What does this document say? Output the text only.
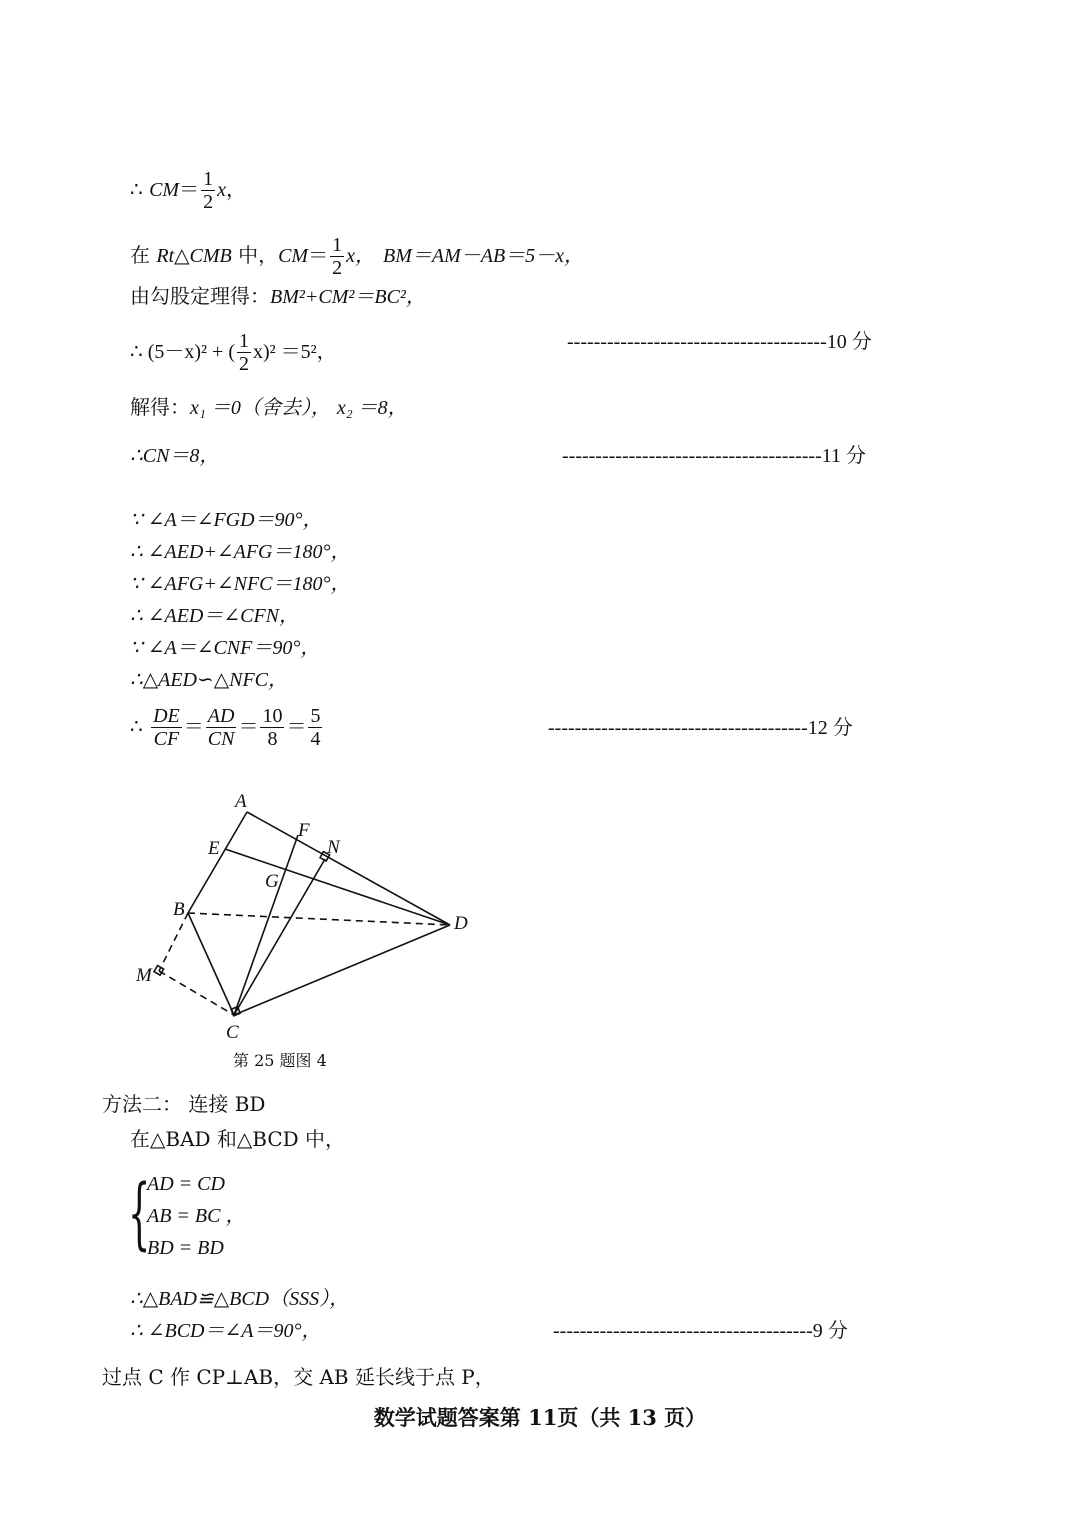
∴ $CM= \frac{1}{2}$ x，
在 Rt△CMB 中，$CM= \frac{1}{2}$ x， BM＝AM－AB＝5－x，
由勾股定理得：BM²+CM²＝BC²，
∴ (5－x)² + ( $\frac{1}{2} x)^2 =5^2$，	---------------------------------------10 分
解得：x₁ ＝0（舍去）， x₂ ＝8，
∴CN＝8，	---------------------------------------11 分
∵ ∠A＝∠FGD＝90°，
∴ ∠AED+∠AFG＝180°，
∵ ∠AFG+∠NFC＝180°，
∴ ∠AED＝∠CFN，
∵ ∠A＝∠CNF＝90°，
∴△AED∽△NFC，
∴ $\frac{DE}{CF} = \frac{AD}{CN} = \frac{10}{8} = \frac{5}{4}$	---------------------------------------12 分
A
F
N
E
G
B
D
M
C
第 25 题图 4
方法二： 连接 BD
在△BAD 和△BCD 中，
{
AD = CD
AB = BC ，
BD = BD
∴△BAD≌△BCD（SSS），
∴ ∠BCD＝∠A＝90°，	---------------------------------------9 分
过点 C 作 CP⊥AB，交 AB 延长线于点 P，
数学试题答案第 11页（共 13 页）
